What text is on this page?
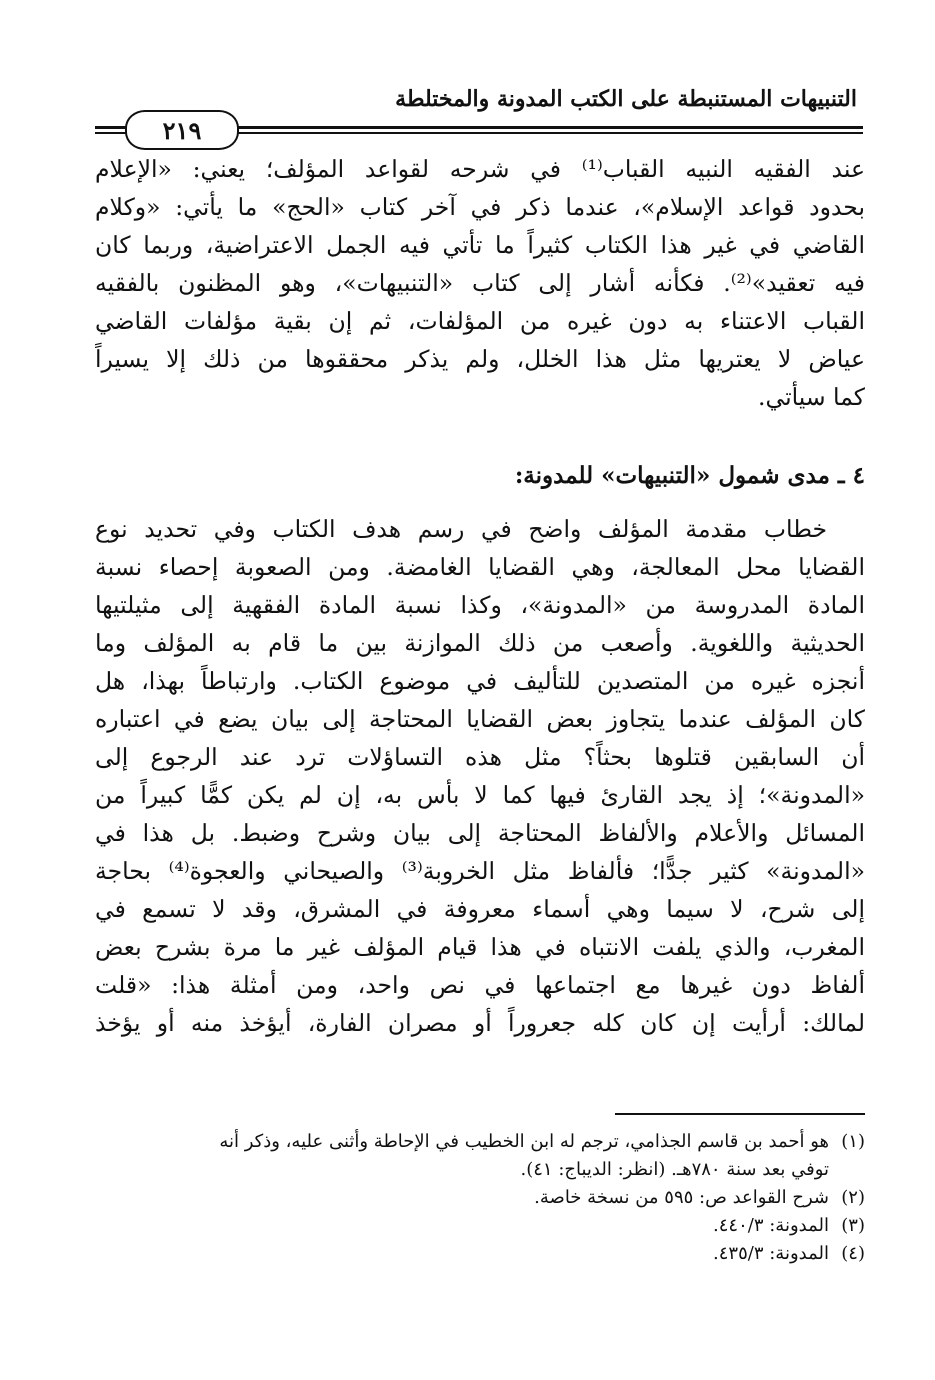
التنبيهات المستنبطة على الكتب المدونة والمختلطة
٢١٩
عند الفقيه النبيه القباب⁽¹⁾ في شرحه لقواعد المؤلف؛ يعني: «الإعلام
بحدود قواعد الإسلام»، عندما ذكر في آخر كتاب «الحج» ما يأتي: «وكلام
القاضي في غير هذا الكتاب كثيراً ما تأتي فيه الجمل الاعتراضية، وربما كان
فيه تعقيد»⁽²⁾. فكأنه أشار إلى كتاب «التنبيهات»، وهو المظنون بالفقيه
القباب الاعتناء به دون غيره من المؤلفات، ثم إن بقية مؤلفات القاضي
عياض لا يعتريها مثل هذا الخلل، ولم يذكر محققوها من ذلك إلا يسيراً
كما سيأتي.
٤ ـ مدى شمول «التنبيهات» للمدونة:
خطاب مقدمة المؤلف واضح في رسم هدف الكتاب وفي تحديد نوع
القضايا محل المعالجة، وهي القضايا الغامضة. ومن الصعوبة إحصاء نسبة
المادة المدروسة من «المدونة»، وكذا نسبة المادة الفقهية إلى مثيلتيها
الحديثية واللغوية. وأصعب من ذلك الموازنة بين ما قام به المؤلف وما
أنجزه غيره من المتصدين للتأليف في موضوع الكتاب. وارتباطاً بهذا، هل
كان المؤلف عندما يتجاوز بعض القضايا المحتاجة إلى بيان يضع في اعتباره
أن السابقين قتلوها بحثاً؟ مثل هذه التساؤلات ترد عند الرجوع إلى
«المدونة»؛ إذ يجد القارئ فيها كما لا بأس به، إن لم يكن كمًّا كبيراً من
المسائل والأعلام والألفاظ المحتاجة إلى بيان وشرح وضبط. بل هذا في
«المدونة» كثير جدًّا؛ فألفاظ مثل الخروبة⁽³⁾ والصيحاني والعجوة⁽⁴⁾ بحاجة
إلى شرح، لا سيما وهي أسماء معروفة في المشرق، وقد لا تسمع في
المغرب، والذي يلفت الانتباه في هذا قيام المؤلف غير ما مرة بشرح بعض
ألفاظ دون غيرها مع اجتماعها في نص واحد، ومن أمثلة هذا: «قلت
لمالك: أرأيت إن كان كله جعروراً أو مصران الفارة، أيؤخذ منه أو يؤخذ
(١)هو أحمد بن قاسم الجذامي، ترجم له ابن الخطيب في الإحاطة وأثنى عليه، وذكر أنه
توفي بعد سنة ٧٨٠هـ. (انظر: الديباج: ٤١).
(٢)شرح القواعد ص: ٥٩٥ من نسخة خاصة.
(٣)المدونة: ٤٤٠/٣.
(٤)المدونة: ٤٣٥/٣.
